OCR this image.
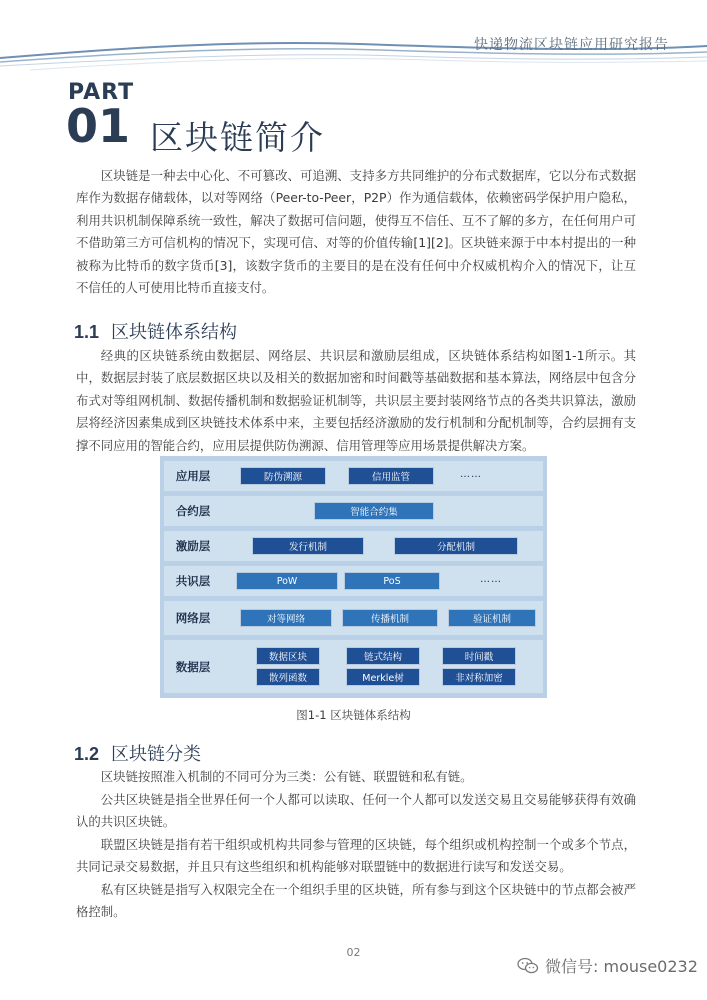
快递物流区块链应用研究报告
PART
01 区块链简介

区块链是一种去中心化、不可篡改、可追溯、支持多方共同维护的分布式数据库，它以分布式数据库作为数据存储载体，以对等网络（Peer-to-Peer，P2P）作为通信载体，依赖密码学保护用户隐私，利用共识机制保障系统一致性，解决了数据可信问题，使得互不信任、互不了解的多方，在任何用户可不借助第三方可信机构的情况下，实现可信、对等的价值传输[1][2]。区块链来源于中本村提出的一种被称为比特币的数字货币[3]，该数字货币的主要目的是在没有任何中介权威机构介入的情况下，让互不信任的人可使用比特币直接支付。

1.1 区块链体系结构

经典的区块链系统由数据层、网络层、共识层和激励层组成，区块链体系结构如图1-1所示。其中，数据层封装了底层数据区块以及相关的数据加密和时间戳等基础数据和基本算法，网络层中包含分布式对等组网机制、数据传播机制和数据验证机制等，共识层主要封装网络节点的各类共识算法，激励层将经济因素集成到区块链技术体系中来，主要包括经济激励的发行机制和分配机制等，合约层拥有支撑不同应用的智能合约，应用层提供防伪溯源、信用管理等应用场景提供解决方案。

应用层	防伪溯源	信用监管	……
合约层	智能合约集
激励层	发行机制	分配机制
共识层	PoW	PoS	……
网络层	对等网络	传播机制	验证机制
数据层
数据区块	链式结构	时间戳
散列函数	Merkle树	非对称加密
图1-1 区块链体系结构
1.2 区块链分类

区块链按照准入机制的不同可分为三类：公有链、联盟链和私有链。

公共区块链是指全世界任何一个人都可以读取、任何一个人都可以发送交易且交易能够获得有效确认的共识区块链。

联盟区块链是指有若干组织或机构共同参与管理的区块链，每个组织或机构控制一个或多个节点，共同记录交易数据，并且只有这些组织和机构能够对联盟链中的数据进行读写和发送交易。

私有区块链是指写入权限完全在一个组织手里的区块链，所有参与到这个区块链中的节点都会被严格控制。

02
微信号: mouse0232
